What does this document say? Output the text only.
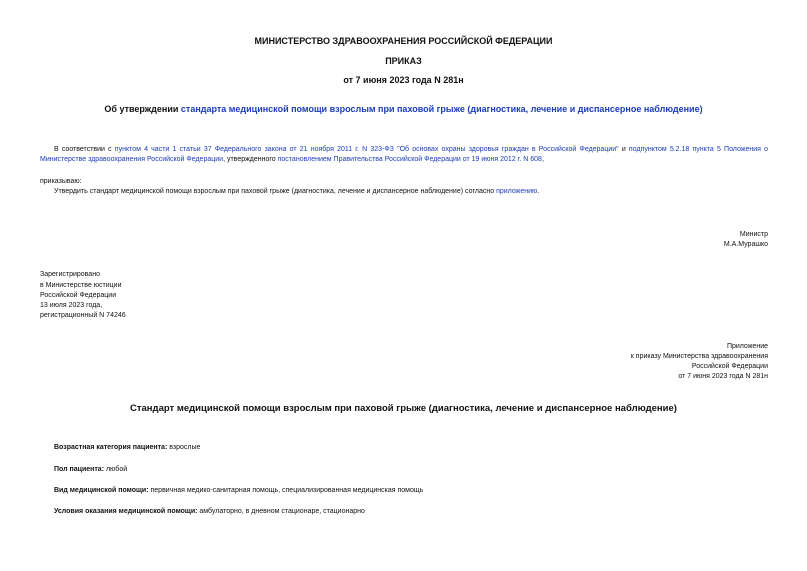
МИНИСТЕРСТВО ЗДРАВООХРАНЕНИЯ РОССИЙСКОЙ ФЕДЕРАЦИИ
ПРИКАЗ
от 7 июня 2023 года N 281н
Об утверждении стандарта медицинской помощи взрослым при паховой грыже (диагностика, лечение и диспансерное наблюдение)
В соответствии с пунктом 4 части 1 статьи 37 Федерального закона от 21 ноября 2011 г. N 323-ФЗ "Об основах охраны здоровья граждан в Российской Федерации" и подпунктом 5.2.18 пункта 5 Положения о Министерстве здравоохранения Российской Федерации, утвержденного постановлением Правительства Российской Федерации от 19 июня 2012 г. N 608,
приказываю:
Утвердить стандарт медицинской помощи взрослым при паховой грыже (диагностика, лечение и диспансерное наблюдение) согласно приложению.
Министр
М.А.Мурашко
Зарегистрировано
в Министерстве юстиции
Российской Федерации
13 июля 2023 года,
регистрационный N 74246
Приложение
к приказу Министерства здравоохранения
Российской Федерации
от 7 июня 2023 года N 281н
Стандарт медицинской помощи взрослым при паховой грыже (диагностика, лечение и диспансерное наблюдение)
Возрастная категория пациента: взрослые
Пол пациента: любой
Вид медицинской помощи: первичная медико-санитарная помощь, специализированная медицинская помощь
Условия оказания медицинской помощи: амбулаторно, в дневном стационаре, стационарно
